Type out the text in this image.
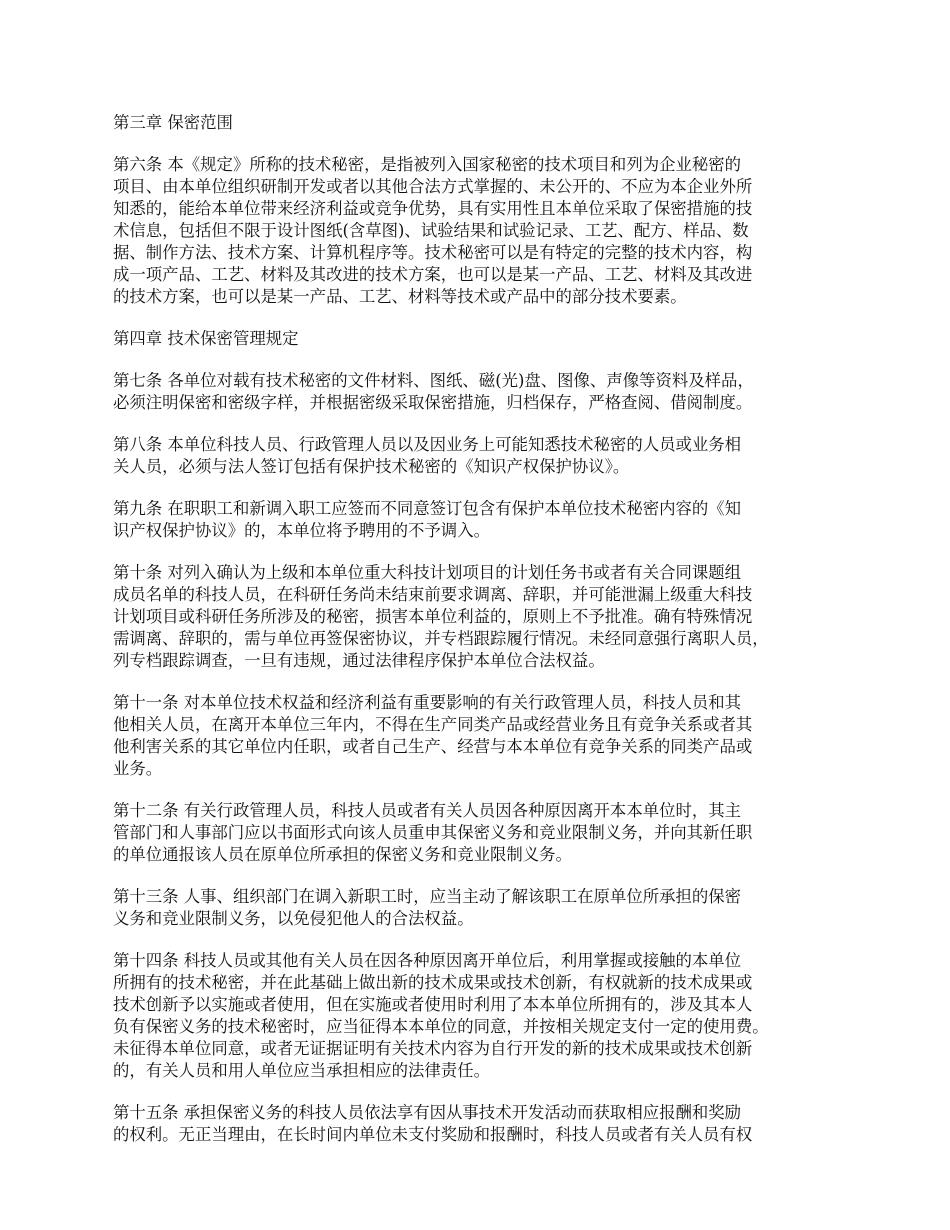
第三章 保密范围
第六条 本《规定》所称的技术秘密，是指被列入国家秘密的技术项目和列为企业秘密的
项目、由本单位组织研制开发或者以其他合法方式掌握的、未公开的、不应为本企业外所
知悉的，能给本单位带来经济利益或竞争优势，具有实用性且本单位采取了保密措施的技
术信息，包括但不限于设计图纸(含草图)、试验结果和试验记录、工艺、配方、样品、数
据、制作方法、技术方案、计算机程序等。技术秘密可以是有特定的完整的技术内容，构
成一项产品、工艺、材料及其改进的技术方案，也可以是某一产品、工艺、材料及其改进
的技术方案，也可以是某一产品、工艺、材料等技术或产品中的部分技术要素。
第四章 技术保密管理规定
第七条 各单位对载有技术秘密的文件材料、图纸、磁(光)盘、图像、声像等资料及样品，
必须注明保密和密级字样，并根据密级采取保密措施，归档保存，严格查阅、借阅制度。
第八条 本单位科技人员、行政管理人员以及因业务上可能知悉技术秘密的人员或业务相
关人员，必须与法人签订包括有保护技术秘密的《知识产权保护协议》。
第九条 在职职工和新调入职工应签而不同意签订包含有保护本单位技术秘密内容的《知
识产权保护协议》的，本单位将予聘用的不予调入。
第十条 对列入确认为上级和本单位重大科技计划项目的计划任务书或者有关合同课题组
成员名单的科技人员，在科研任务尚未结束前要求调离、辞职，并可能泄漏上级重大科技
计划项目或科研任务所涉及的秘密，损害本单位利益的，原则上不予批准。确有特殊情况
需调离、辞职的，需与单位再签保密协议，并专档跟踪履行情况。未经同意强行离职人员，
列专档跟踪调查，一旦有违规，通过法律程序保护本单位合法权益。
第十一条 对本单位技术权益和经济利益有重要影响的有关行政管理人员，科技人员和其
他相关人员，在离开本单位三年内，不得在生产同类产品或经营业务且有竞争关系或者其
他利害关系的其它单位内任职，或者自己生产、经营与本本单位有竞争关系的同类产品或
业务。
第十二条 有关行政管理人员，科技人员或者有关人员因各种原因离开本本单位时，其主
管部门和人事部门应以书面形式向该人员重申其保密义务和竞业限制义务，并向其新任职
的单位通报该人员在原单位所承担的保密义务和竞业限制义务。
第十三条 人事、组织部门在调入新职工时，应当主动了解该职工在原单位所承担的保密
义务和竞业限制义务，以免侵犯他人的合法权益。
第十四条 科技人员或其他有关人员在因各种原因离开单位后，利用掌握或接触的本单位
所拥有的技术秘密，并在此基础上做出新的技术成果或技术创新，有权就新的技术成果或
技术创新予以实施或者使用，但在实施或者使用时利用了本本单位所拥有的，涉及其本人
负有保密义务的技术秘密时，应当征得本本单位的同意，并按相关规定支付一定的使用费。
未征得本单位同意，或者无证据证明有关技术内容为自行开发的新的技术成果或技术创新
的，有关人员和用人单位应当承担相应的法律责任。
第十五条 承担保密义务的科技人员依法享有因从事技术开发活动而获取相应报酬和奖励
的权利。无正当理由，在长时间内单位未支付奖励和报酬时，科技人员或者有关人员有权
